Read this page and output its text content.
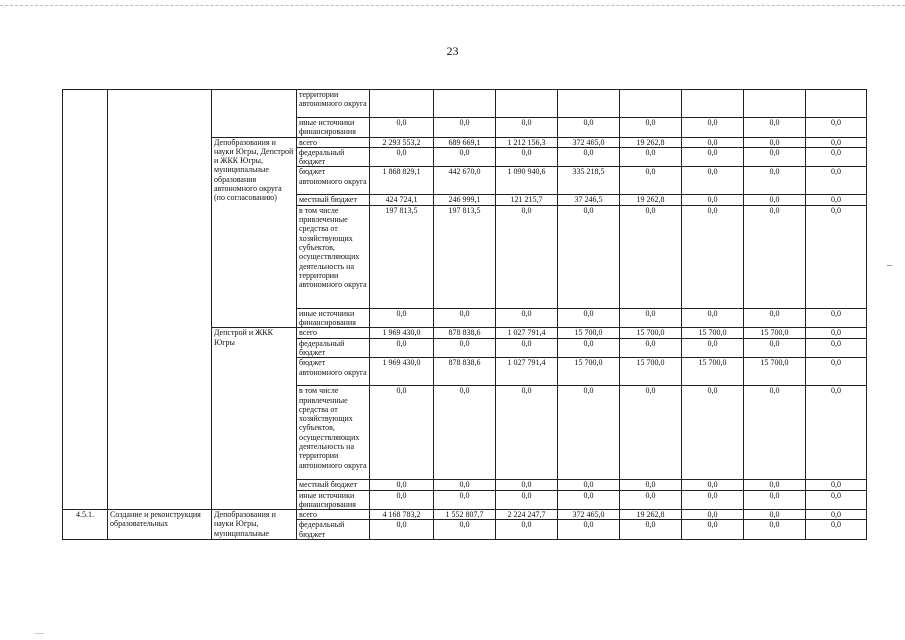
23
			территории автономного округа								
			иные источники финансирования	0,0	0,0	0,0	0,0	0,0	0,0	0,0	0,0
		Депобразования и науки Югры, Депстрой и ЖКК Югры, муниципальные образования автономного округа (по согласованию)	всего	2 293 553,2	689 669,1	1 212 156,3	372 465,0	19 262,8	0,0	0,0	0,0
			федеральный бюджет	0,0	0,0	0,0	0,0	0,0	0,0	0,0	0,0
			бюджет автономного округа	1 868 829,1	442 670,0	1 090 940,6	335 218,5	0,0	0,0	0,0	0,0
			местный бюджет	424 724,1	246 999,1	121 215,7	37 246,5	19 262,8	0,0	0,0	0,0
			в том числе привлеченные средства от хозяйствующих субъектов, осуществляющих деятельность на территории автономного округа	197 813,5	197 813,5	0,0	0,0	0,0	0,0	0,0	0,0
			иные источники финансирования	0,0	0,0	0,0	0,0	0,0	0,0	0,0	0,0
		Депстрой и ЖКК Югры	всего	1 969 430,0	878 838,6	1 027 791,4	15 700,0	15 700,0	15 700,0	15 700,0	0,0
			федеральный бюджет	0,0	0,0	0,0	0,0	0,0	0,0	0,0	0,0
			бюджет автономного округа	1 969 430,0	878 838,6	1 027 791,4	15 700,0	15 700,0	15 700,0	15 700,0	0,0
			в том числе привлеченные средства от хозяйствующих субъектов, осуществляющих деятельность на территории автономного округа	0,0	0,0	0,0	0,0	0,0	0,0	0,0	0,0
			местный бюджет	0,0	0,0	0,0	0,0	0,0	0,0	0,0	0,0
			иные источники финансирования	0,0	0,0	0,0	0,0	0,0	0,0	0,0	0,0
4.5.1.	Создание и реконструкция образовательных	Депобразования и науки Югры, муниципальные	всего	4 168 783,2	1 552 807,7	2 224 247,7	372 465,0	19 262,8	0,0	0,0	0,0
			федеральный бюджет	0,0	0,0	0,0	0,0	0,0	0,0	0,0	0,0
